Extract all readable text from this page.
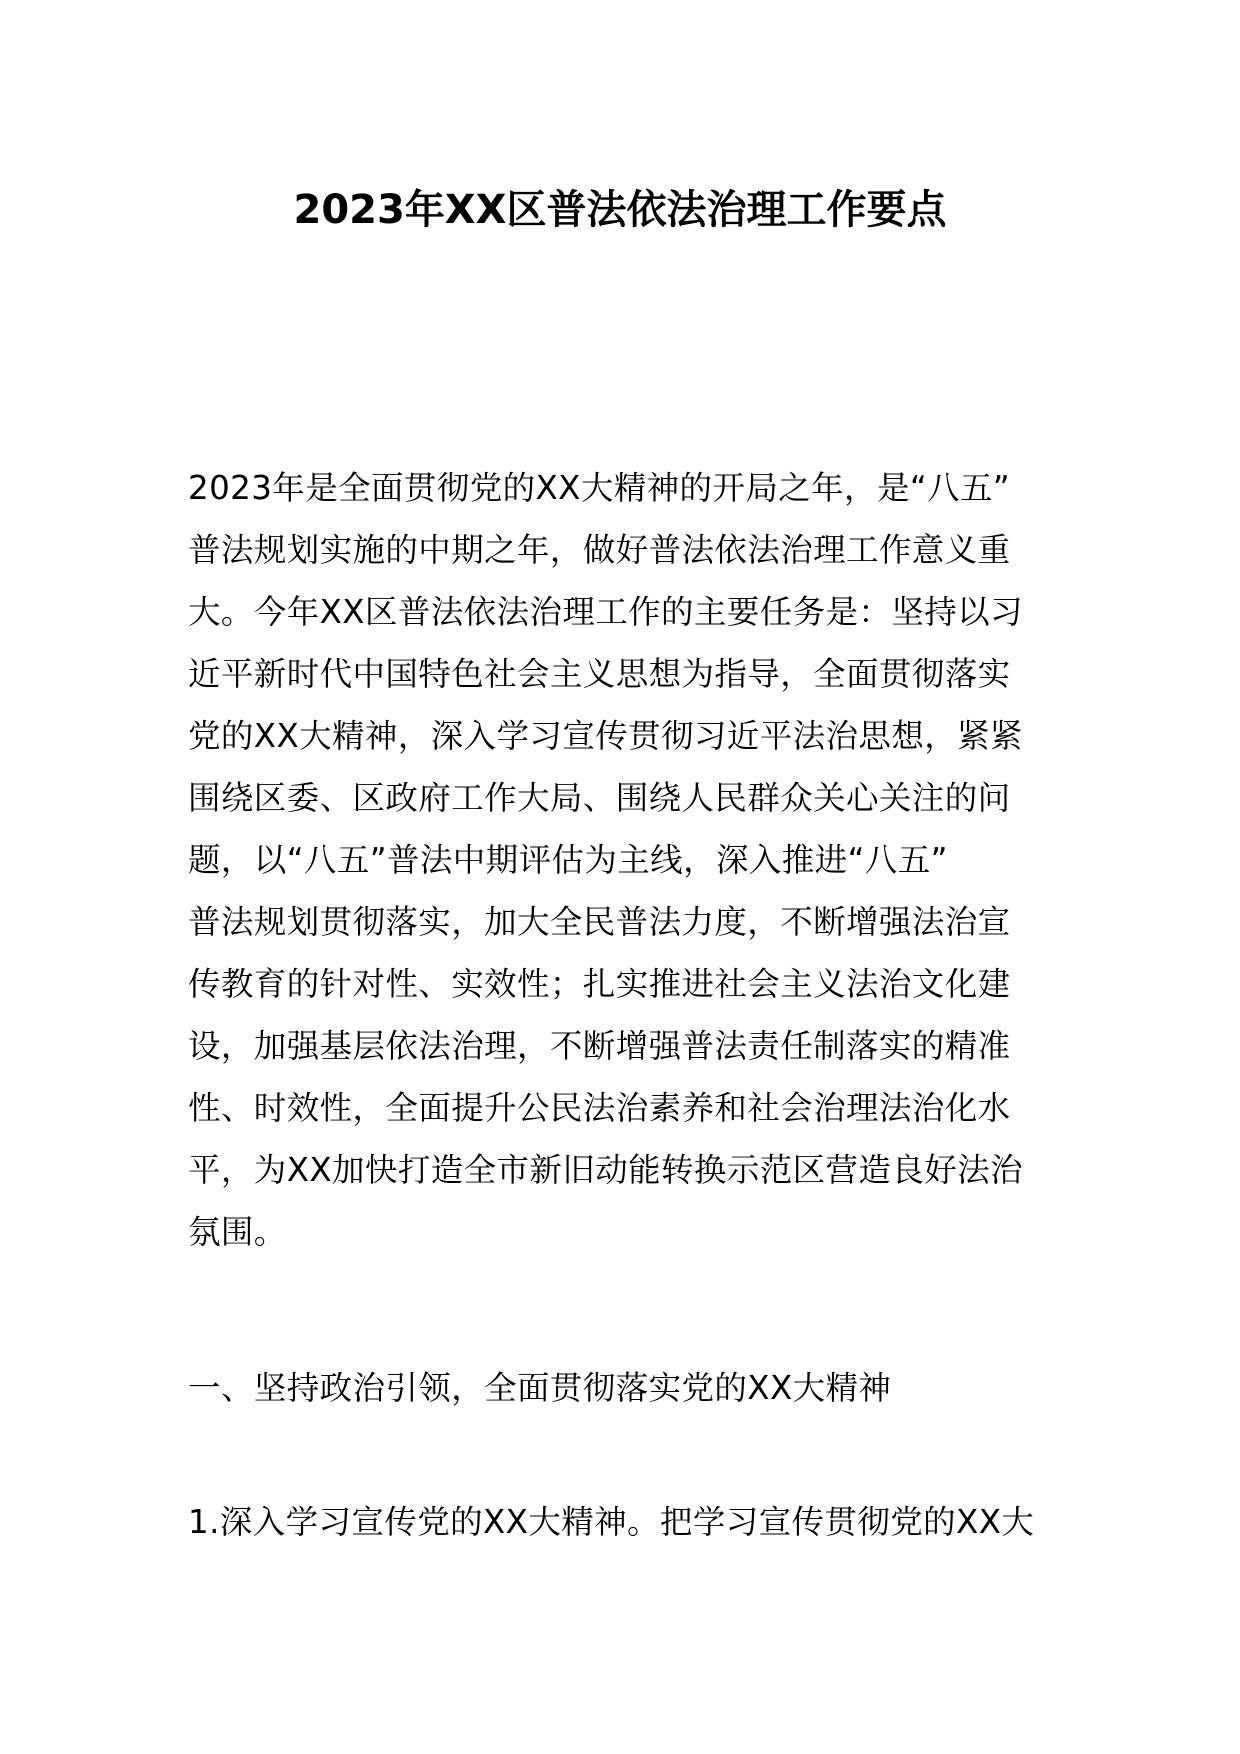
2023年XX区普法依法治理工作要点
2023年是全面贯彻党的XX大精神的开局之年，是“八五”
普法规划实施的中期之年，做好普法依法治理工作意义重
大。今年XX区普法依法治理工作的主要任务是：坚持以习
近平新时代中国特色社会主义思想为指导，全面贯彻落实
党的XX大精神，深入学习宣传贯彻习近平法治思想，紧紧
围绕区委、区政府工作大局、围绕人民群众关心关注的问
题，以“八五”普法中期评估为主线，深入推进“八五”
普法规划贯彻落实，加大全民普法力度，不断增强法治宣
传教育的针对性、实效性；扎实推进社会主义法治文化建
设，加强基层依法治理，不断增强普法责任制落实的精准
性、时效性，全面提升公民法治素养和社会治理法治化水
平，为XX加快打造全市新旧动能转换示范区营造良好法治
氛围。
一、坚持政治引领，全面贯彻落实党的XX大精神
1.深入学习宣传党的XX大精神。把学习宣传贯彻党的XX大
